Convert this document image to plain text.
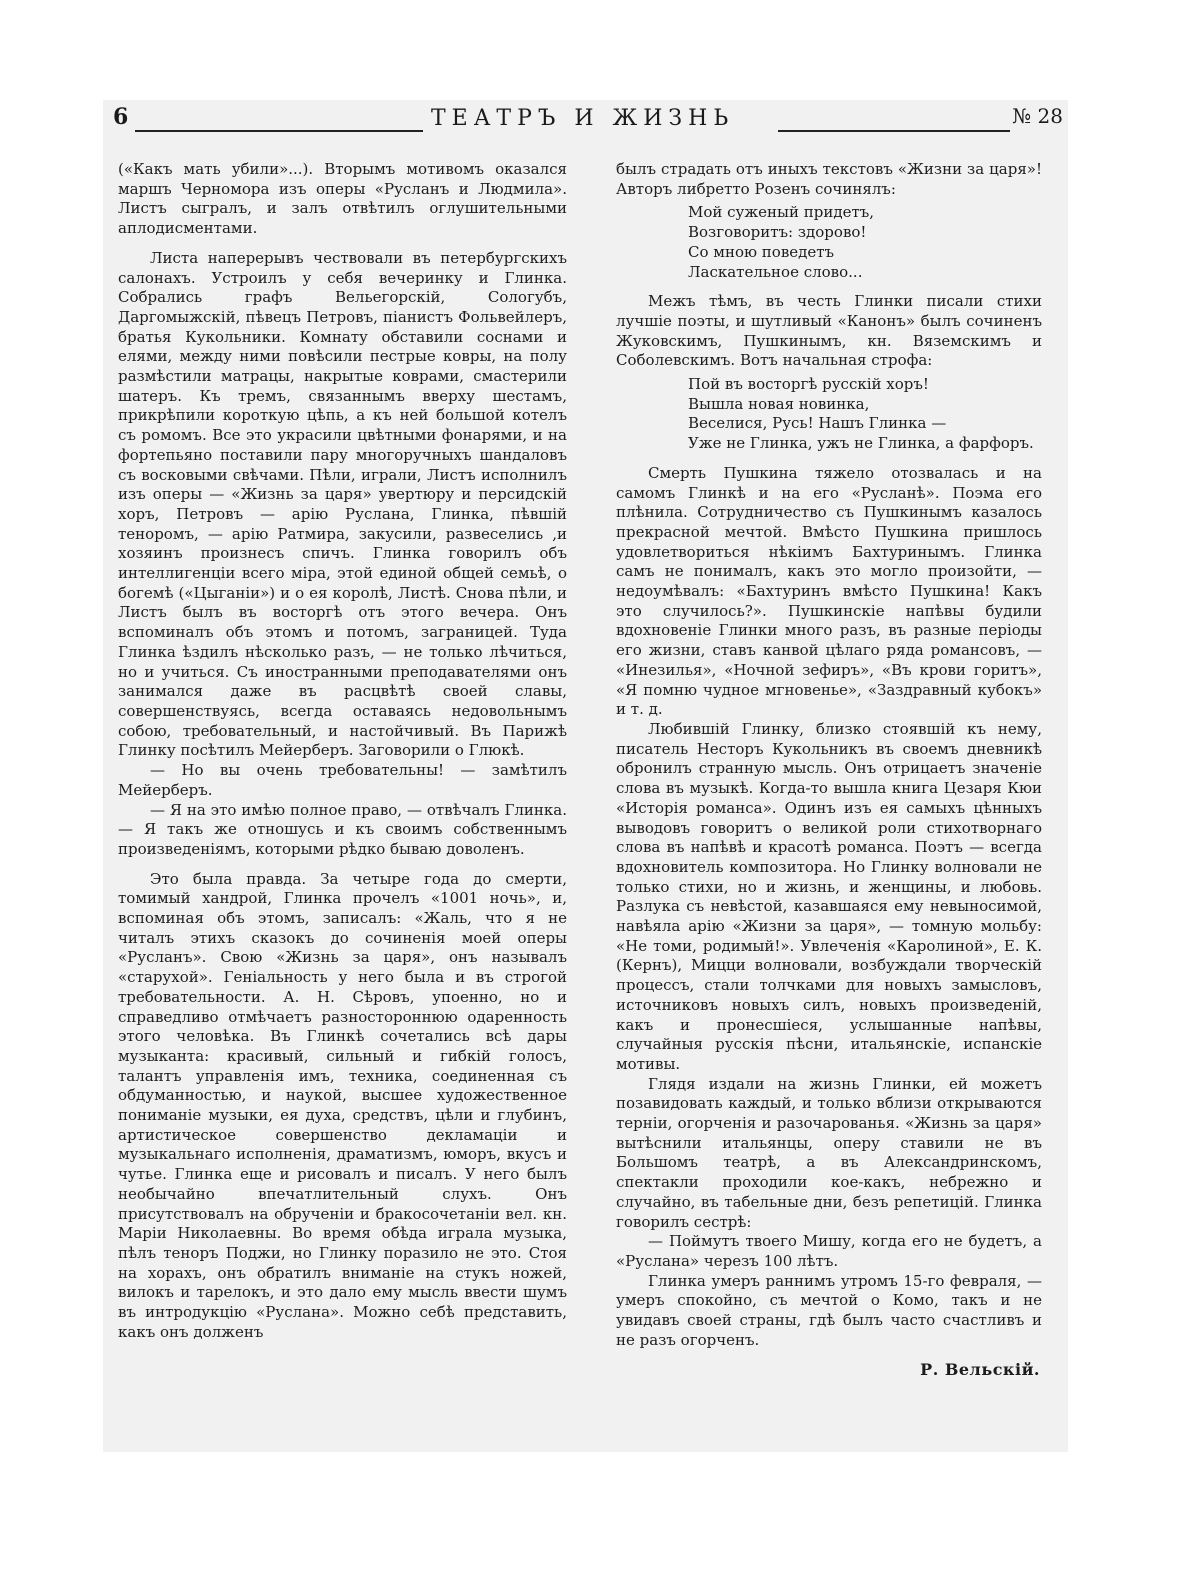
6	ТЕАТРЪ И ЖИЗНЬ	№ 28

(«Какъ мать убили»...). Вторымъ мотивомъ оказался маршъ Черномора изъ оперы «Русланъ и Людмила». Листъ сыгралъ, и залъ отвѣтилъ оглушительными аплодисментами.

Листа наперерывъ чествовали въ петербургскихъ салонахъ. Устроилъ у себя вечеринку и Глинка. Собрались графъ Вельегорскій, Сологубъ, Даргомыжскій, пѣвецъ Петровъ, піанистъ Фольвейлеръ, братья Кукольники. Комнату обставили соснами и елями, между ними повѣсили пестрые ковры, на полу размѣстили матрацы, накрытые коврами, смастерили шатеръ. Къ тремъ, связаннымъ вверху шестамъ, прикрѣпили короткую цѣпь, а къ ней большой котелъ съ ромомъ. Все это украсили цвѣтными фонарями, и на фортепьяно поставили пару многоручныхъ шандаловъ съ восковыми свѣчами. Пѣли, играли, Листъ исполнилъ изъ оперы — «Жизнь за царя» увертюру и персидскій хоръ, Петровъ — арію Руслана, Глинка, пѣвшій теноромъ, — арію Ратмира, закусили, развеселись ,и хозяинъ произнесъ спичъ. Глинка говорилъ объ интеллигенціи всего міра, этой единой общей семьѣ, о богемѣ («Цыганіи») и о ея королѣ, Листѣ. Снова пѣли, и Листъ былъ въ восторгѣ отъ этого вечера. Онъ вспоминалъ объ этомъ и потомъ, заграницей. Туда Глинка ѣздилъ нѣсколько разъ, — не только лѣчиться, но и учиться. Съ иностранными преподавателями онъ занимался даже въ расцвѣтѣ своей славы, совершенствуясь, всегда оставаясь недовольнымъ собою, требовательный, и настойчивый. Въ Парижѣ Глинку посѣтилъ Мейерберъ. Заговорили о Глюкѣ.

— Но вы очень требовательны! — замѣтилъ Мейерберъ.

— Я на это имѣю полное право, — отвѣчалъ Глинка. — Я такъ же отношусь и къ своимъ собственнымъ произведеніямъ, которыми рѣдко бываю доволенъ.

Это была правда. За четыре года до смерти, томимый хандрой, Глинка прочелъ «1001 ночь», и, вспоминая объ этомъ, записалъ: «Жаль, что я не читалъ этихъ сказокъ до сочиненія моей оперы «Русланъ». Свою «Жизнь за царя», онъ называлъ «старухой». Геніальность у него была и въ строгой требовательности. А. Н. Сѣровъ, упоенно, но и справедливо отмѣчаетъ разностороннюю одаренность этого человѣка. Въ Глинкѣ сочетались всѣ дары музыканта: красивый, сильный и гибкій голосъ, талантъ управленія имъ, техника, соединенная съ обдуманностью, и наукой, высшее художественное пониманіе музыки, ея духа, средствъ, цѣли и глубинъ, артистическое совершенство декламаціи и музыкальнаго исполненія, драматизмъ, юморъ, вкусъ и чутье. Глинка еще и рисовалъ и писалъ. У него былъ необычайно впечатлительный слухъ. Онъ присутствовалъ на обрученіи и бракосочетаніи вел. кн. Маріи Николаевны. Во время обѣда играла музыка, пѣлъ теноръ Поджи, но Глинку поразило не это. Стоя на хорахъ, онъ обратилъ вниманіе на стукъ ножей, вилокъ и тарелокъ, и это дало ему мысль ввести шумъ въ интродукцію «Руслана». Можно себѣ представить, какъ онъ долженъ

былъ страдать отъ иныхъ текстовъ «Жизни за царя»! Авторъ либретто Розенъ сочинялъ:

Мой суженый придетъ,
Возговоритъ: здорово!
Со мною поведетъ
Ласкательное слово...

Межъ тѣмъ, въ честь Глинки писали стихи лучшіе поэты, и шутливый «Канонъ» былъ сочиненъ Жуковскимъ, Пушкинымъ, кн. Вяземскимъ и Соболевскимъ. Вотъ начальная строфа:

Пой въ восторгѣ русскій хоръ!
Вышла новая новинка,
Веселися, Русь! Нашъ Глинка —
Уже не Глинка, ужъ не Глинка, а фарфоръ.

Смерть Пушкина тяжело отозвалась и на самомъ Глинкѣ и на его «Русланѣ». Поэма его плѣнила. Сотрудничество съ Пушкинымъ казалось прекрасной мечтой. Вмѣсто Пушкина пришлось удовлетвориться нѣкіимъ Бахтуринымъ. Глинка самъ не понималъ, какъ это могло произойти, — недоумѣвалъ: «Бахтуринъ вмѣсто Пушкина! Какъ это случилось?». Пушкинскіе напѣвы будили вдохновеніе Глинки много разъ, въ разные періоды его жизни, ставъ канвой цѣлаго ряда романсовъ, — «Инезилья», «Ночной зефиръ», «Въ крови горитъ», «Я помню чудное мгновенье», «Заздравный кубокъ» и т. д.

Любившій Глинку, близко стоявшій къ нему, писатель Несторъ Кукольникъ въ своемъ дневникѣ обронилъ странную мысль. Онъ отрицаетъ значеніе слова въ музыкѣ. Когда-то вышла книга Цезаря Кюи «Исторія романса». Одинъ изъ ея самыхъ цѣнныхъ выводовъ говоритъ о великой роли стихотворнаго слова въ напѣвѣ и красотѣ романса. Поэтъ — всегда вдохновитель композитора. Но Глинку волновали не только стихи, но и жизнь, и женщины, и любовь. Разлука съ невѣстой, казавшаяся ему невыносимой, навѣяла арію «Жизни за царя», — томную мольбу: «Не томи, родимый!». Увлеченія «Каролиной», Е. К. (Кернъ), Мицци волновали, возбуждали творческій процессъ, стали толчками для новыхъ замысловъ, источниковъ новыхъ силъ, новыхъ произведеній, какъ и пронесшіеся, услышанные напѣвы, случайныя русскія пѣсни, итальянскіе, испанскіе мотивы.

Глядя издали на жизнь Глинки, ей можетъ позавидовать каждый, и только вблизи открываются терніи, огорченія и разочарованья. «Жизнь за царя» вытѣснили итальянцы, оперу ставили не въ Большомъ театрѣ, а въ Александринскомъ, спектакли проходили кое-какъ, небрежно и случайно, въ табельные дни, безъ репетицій. Глинка говорилъ сестрѣ:

— Поймутъ твоего Мишу, когда его не будетъ, а «Руслана» черезъ 100 лѣтъ.

Глинка умеръ раннимъ утромъ 15-го февраля, — умеръ спокойно, съ мечтой о Комо, такъ и не увидавъ своей страны, гдѣ былъ часто счастливъ и не разъ огорченъ.

Р. Вельскій.
